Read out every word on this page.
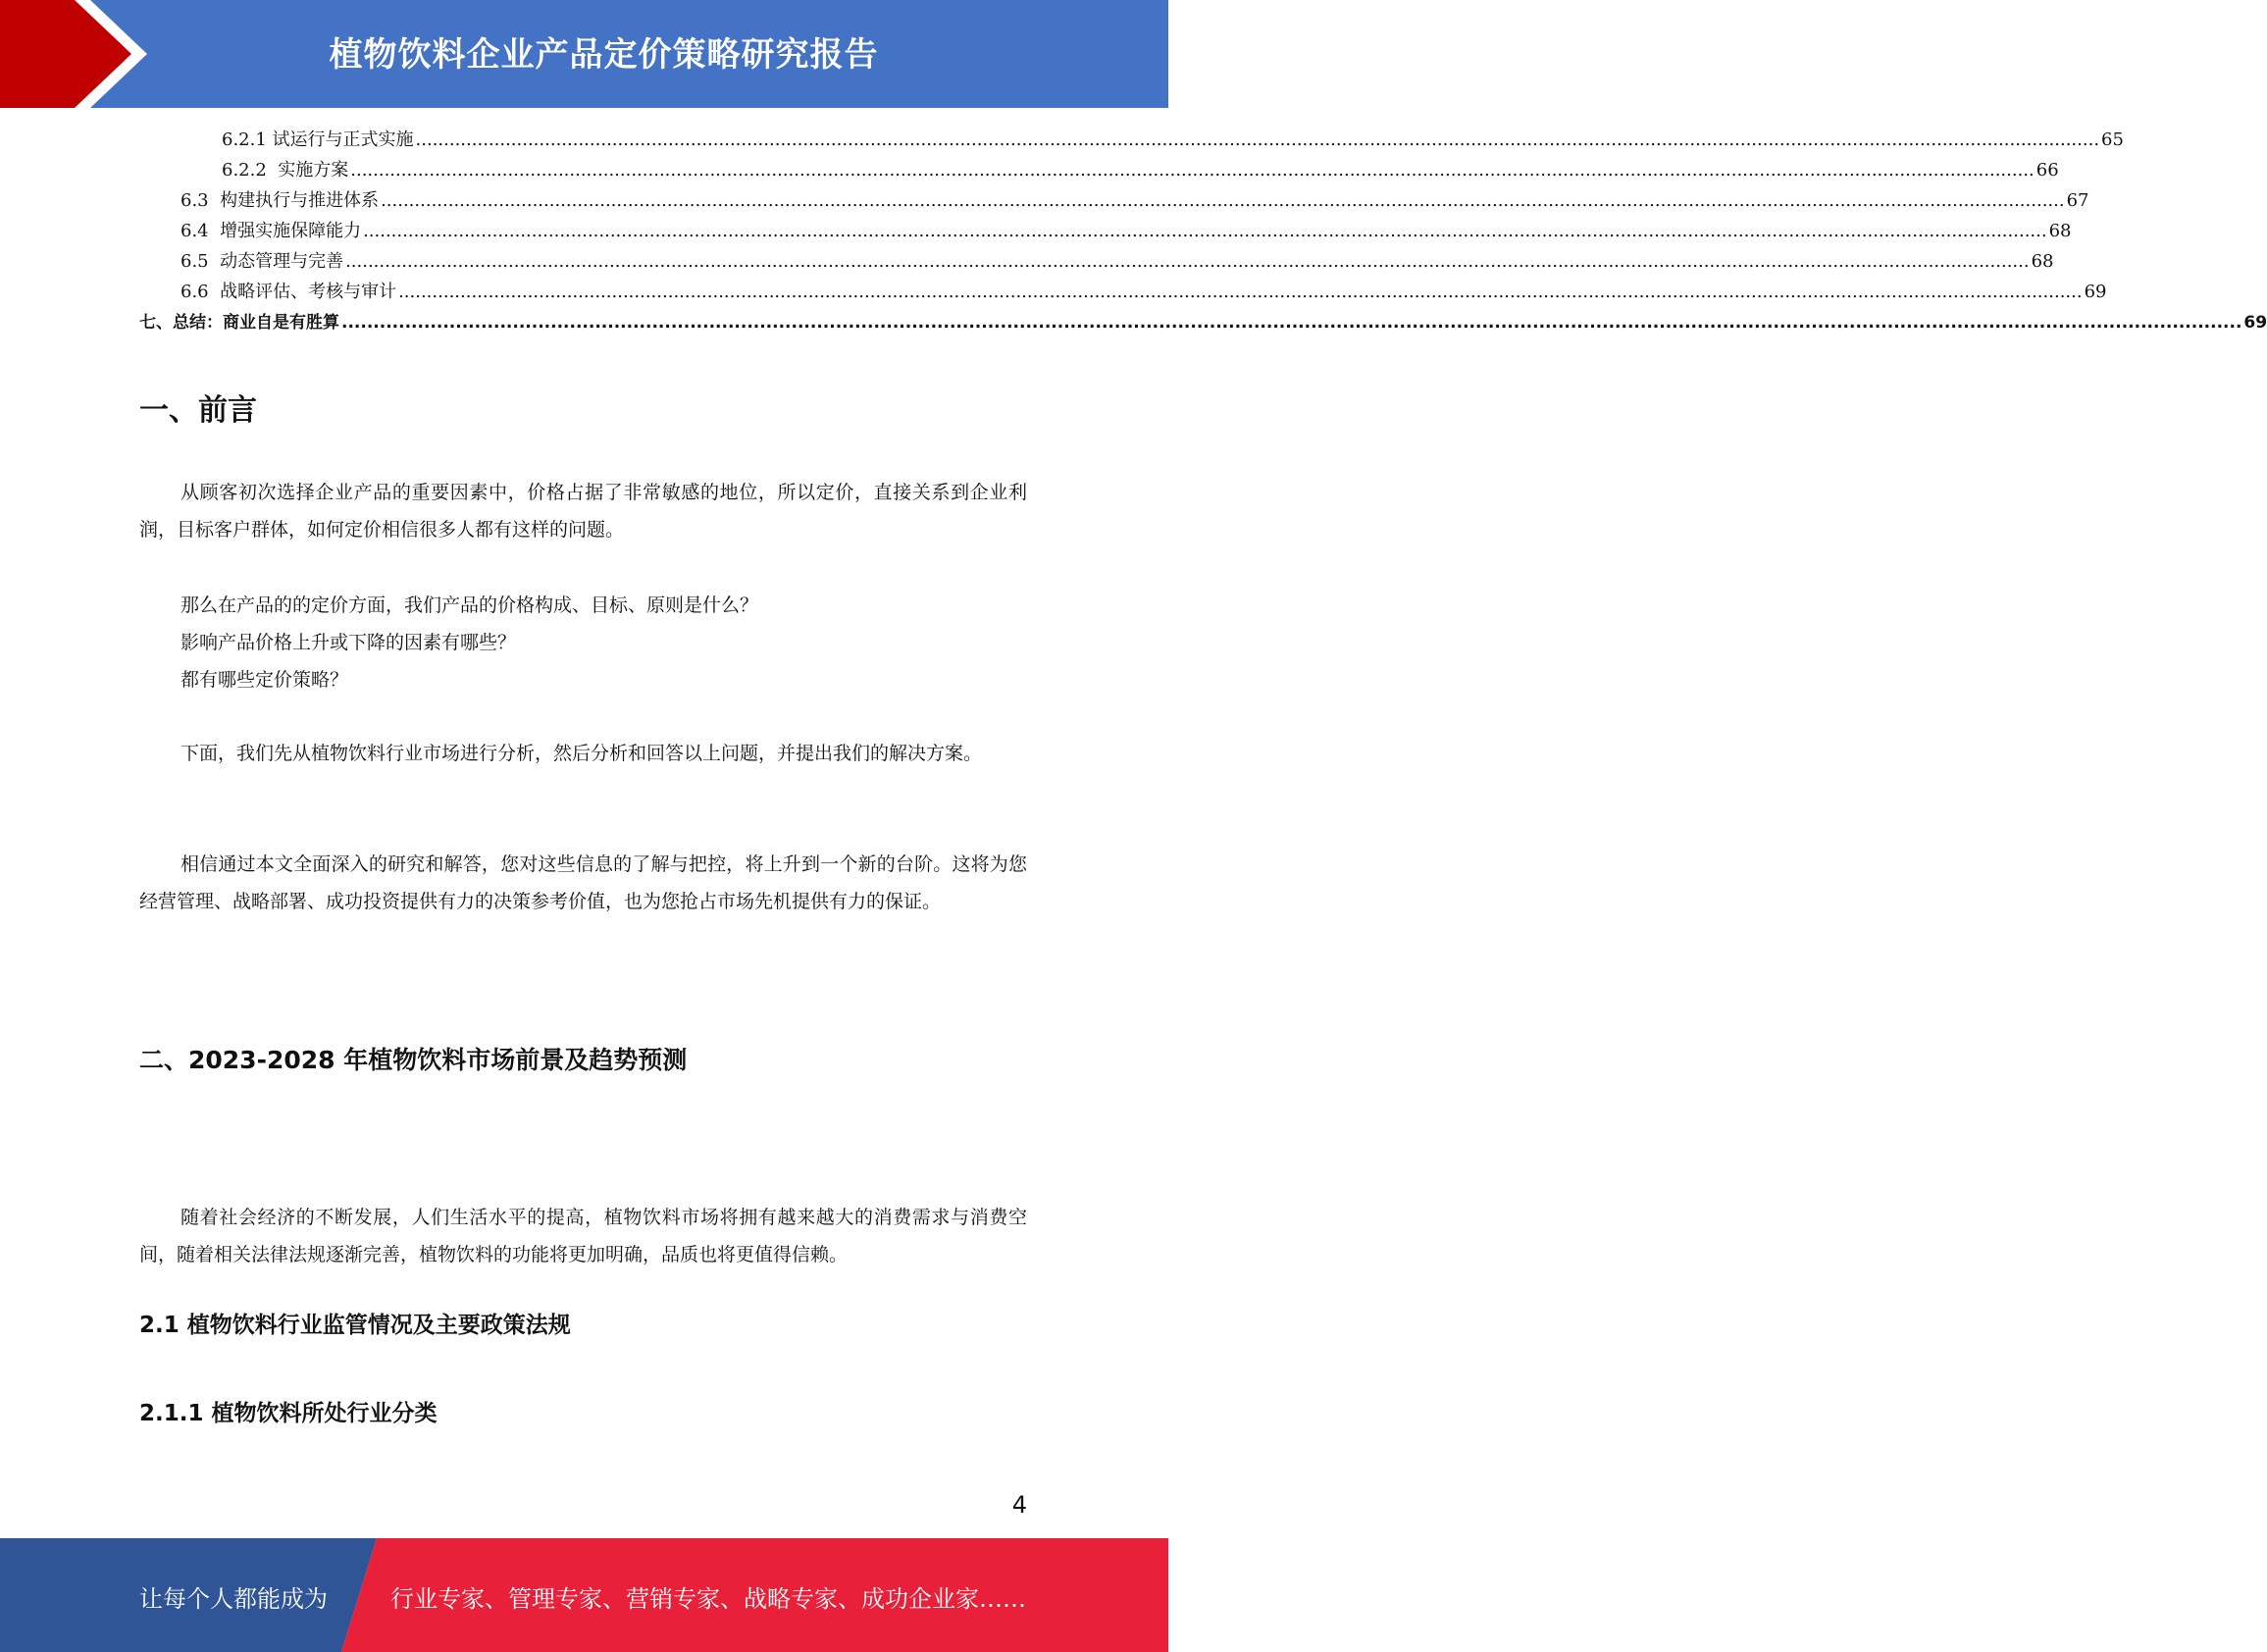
植物饮料企业产品定价策略研究报告
6.2.1 试运行与正式实施 ............................................................................................................................................................................................................................................................................................................ 65
6.2.2  实施方案 ............................................................................................................................................................................................................................................................................................................ 66
6.3  构建执行与推进体系 ............................................................................................................................................................................................................................................................................................................ 67
6.4  增强实施保障能力 ............................................................................................................................................................................................................................................................................................................ 68
6.5  动态管理与完善 ............................................................................................................................................................................................................................................................................................................ 68
6.6  战略评估、考核与审计 ............................................................................................................................................................................................................................................................................................................ 69
七、总结：商业自是有胜算 ............................................................................................................................................................................................................................................................................................................ 69
一、前言

从顾客初次选择企业产品的重要因素中，价格占据了非常敏感的地位，所以定价，直接关系到企业利润，目标客户群体，如何定价相信很多人都有这样的问题。

那么在产品的的定价方面，我们产品的价格构成、目标、原则是什么？
影响产品价格上升或下降的因素有哪些？
都有哪些定价策略？

下面，我们先从植物饮料行业市场进行分析，然后分析和回答以上问题，并提出我们的解决方案。

相信通过本文全面深入的研究和解答，您对这些信息的了解与把控，将上升到一个新的台阶。这将为您经营管理、战略部署、成功投资提供有力的决策参考价值，也为您抢占市场先机提供有力的保证。

二、2023-2028 年植物饮料市场前景及趋势预测

随着社会经济的不断发展，人们生活水平的提高，植物饮料市场将拥有越来越大的消费需求与消费空间，随着相关法律法规逐渐完善，植物饮料的功能将更加明确，品质也将更值得信赖。

2.1 植物饮料行业监管情况及主要政策法规
2.1.1 植物饮料所处行业分类
4
让每个人都能成为	行业专家、管理专家、营销专家、战略专家、成功企业家……
